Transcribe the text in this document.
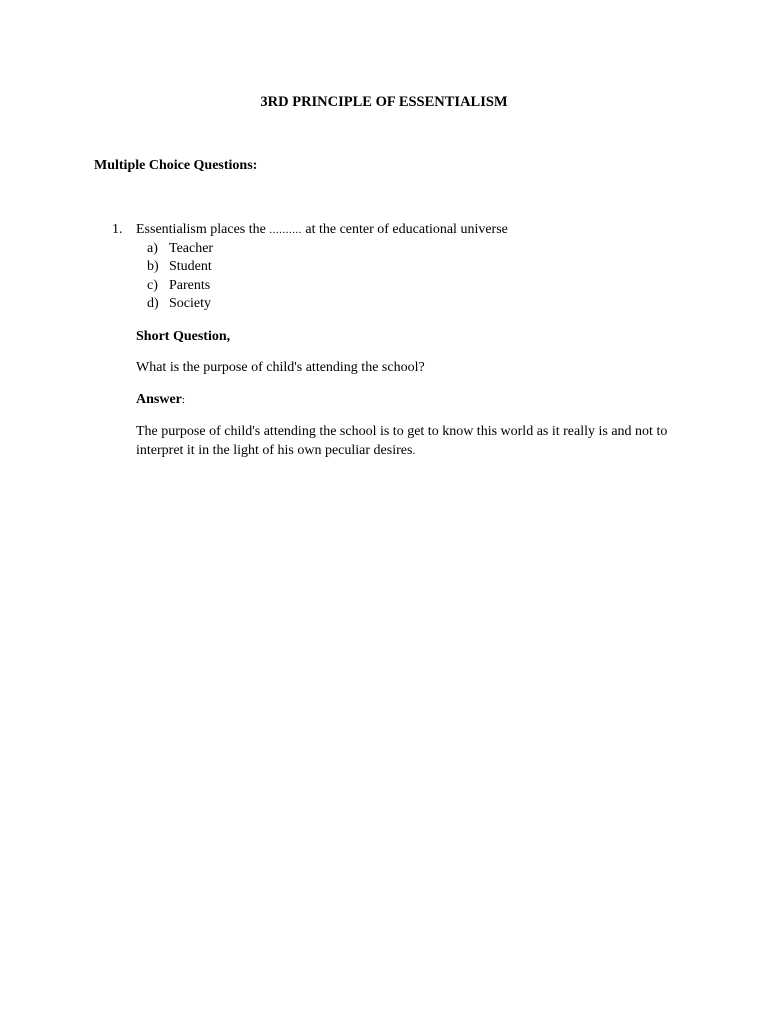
3RD PRINCIPLE OF ESSENTIALISM
Multiple Choice Questions:
1. Essentialism places the .......... at the center of educational universe
a) Teacher
b) Student
c) Parents
d) Society
Short Question,
What is the purpose of child's attending the school?
Answer:
The purpose of child's attending the school is to get to know this world as it really is and not to interpret it in the light of his own peculiar desires.
